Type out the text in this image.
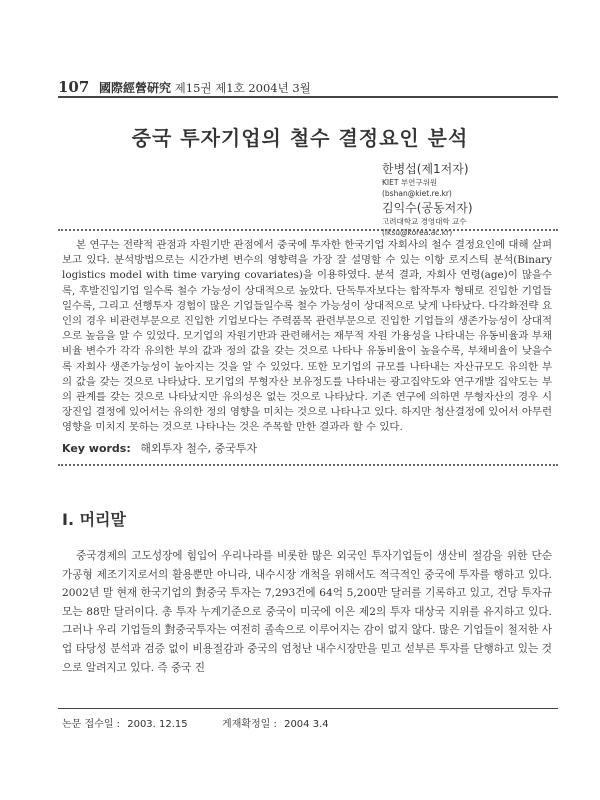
107 國際經營硏究 제15권 제1호 2004년 3월
중국 투자기업의 철수 결정요인 분석
한병섭(제1저자)
KIET 부연구위원
(bshan@kiet.re.kr)
김익수(공동저자)
고려대학교 경영대학 교수
(iksu@korea.ac.kr)

본 연구는 전략적 관점과 자원기반 관점에서 중국에 투자한 한국기업 자회사의 철수 결정요인에 대해 살펴보고 있다. 분석방법으로는 시간가변 변수의 영향력을 가장 잘 설명할 수 있는 이항 로지스틱 분석(Binary logistics model with time varying covariates)을 이용하였다. 분석 결과, 자회사 연령(age)이 많을수록, 후발진입기업 일수록 철수 가능성이 상대적으로 높았다. 단독투자보다는 합작투자 형태로 진입한 기업들일수록, 그리고 선행투자 경험이 많은 기업들일수록 철수 가능성이 상대적으로 낮게 나타났다. 다각화전략 요인의 경우 비관련부문으로 진입한 기업보다는 주력품목 관련부문으로 진입한 기업들의 생존가능성이 상대적으로 높음을 알 수 있었다. 모기업의 자원기반과 관련해서는 재무적 자원 가용성을 나타내는 유동비율과 부채비율 변수가 각각 유의한 부의 값과 정의 값을 갖는 것으로 나타나 유동비율이 높을수록, 부채비율이 낮을수록 자회사 생존가능성이 높아지는 것을 알 수 있었다. 또한 모기업의 규모를 나타내는 자산규모도 유의한 부의 값을 갖는 것으로 나타났다. 모기업의 무형자산 보유정도를 나타내는 광고집약도와 연구개발 집약도는 부의 관계를 갖는 것으로 나타났지만 유의성은 없는 것으로 나타났다. 기존 연구에 의하면 무형자산의 경우 시장진입 결정에 있어서는 유의한 정의 영향을 미치는 것으로 나타나고 있다. 하지만 청산결정에 있어서 아무런 영향을 미치지 못하는 것으로 나타나는 것은 주목할 만한 결과라 할 수 있다.

Key words: 해외투자 철수, 중국투자
Ⅰ. 머리말

중국경제의 고도성장에 힘입어 우리나라를 비롯한 많은 외국인 투자기업들이 생산비 절감을 위한 단순 가공형 제조기지로서의 활용뿐만 아니라, 내수시장 개척을 위해서도 적극적인 중국에 투자를 행하고 있다. 2002년 말 현재 한국기업의 對중국 투자는 7,293건에 64억 5,200만 달러를 기록하고 있고, 건당 투자규모는 88만 달러이다. 총 투자 누계기준으로 중국이 미국에 이은 제2의 투자 대상국 지위를 유지하고 있다. 그러나 우리 기업들의 對중국투자는 여전히 졸속으로 이루어지는 감이 없지 않다. 많은 기업들이 철저한 사업 타당성 분석과 검증 없이 비용절감과 중국의 엄청난 내수시장만을 믿고 섣부른 투자를 단행하고 있는 것으로 알려지고 있다. 즉 중국 진

논문 접수일 : 2003. 12.15	게재확정일 : 2004 3.4
